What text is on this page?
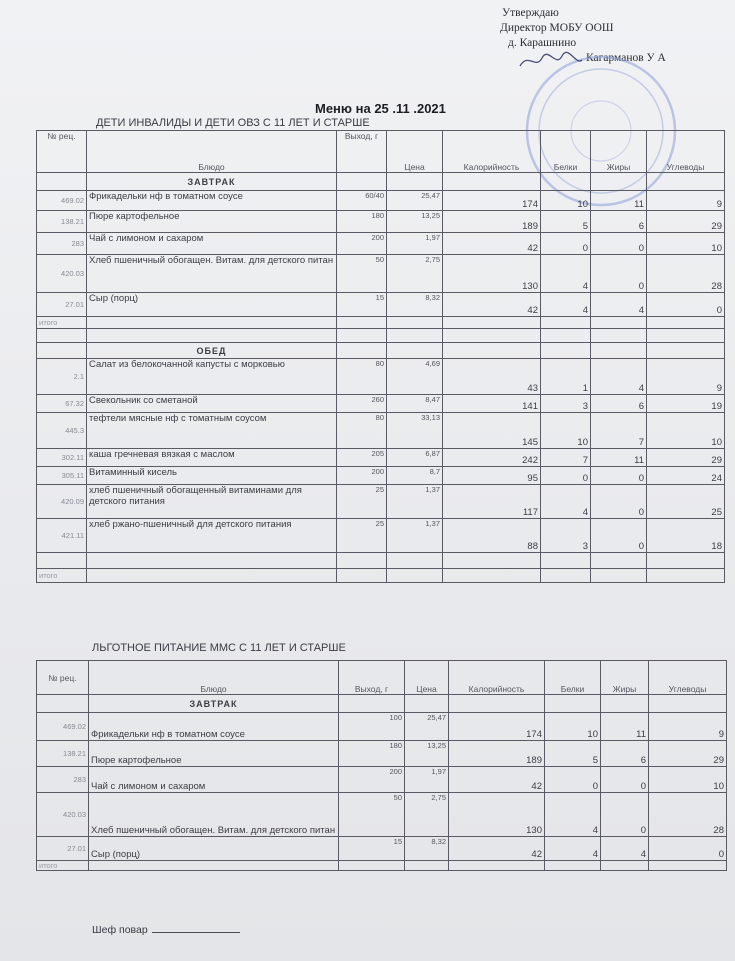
Утверждаю
Директор МОБУ ООШ
д. Карашнино
Кагарманов У А
Меню на 25 .11 .2021
ДЕТИ ИНВАЛИДЫ И ДЕТИ ОВЗ С 11 ЛЕТ И СТАРШЕ
№ рец.	Блюдо	Выход, г	Цена	Калорийность	Белки	Жиры	Углеводы
	ЗАВТРАК						
469.02	Фрикадельки нф в томатном соусе	60/40	25,47	174	10	11	9
138.21	Пюре картофельное	180	13,25	189	5	6	29
283	Чай с лимоном и сахаром	200	1,97	42	0	0	10
420.03	Хлеб пшеничный обогащен. Витам. для детского питан	50	2,75	130	4	0	28
27.01	Сыр (порц)	15	8,32	42	4	4	0
итого							

	ОБЕД						
2.1	Салат из белокочанной капусты с морковью	80	4,69	43	1	4	9
67.32	Свекольник со сметаной	260	8,47	141	3	6	19
445.3	тефтели мясные нф с томатным соусом	80	33,13	145	10	7	10
302.11	каша гречневая вязкая с маслом	205	6,87	242	7	11	29
305.11	Витаминный кисель	200	8,7	95	0	0	24
420.09	хлеб пшеничный обогащенный витаминами для детского питания	25	1,37	117	4	0	25
421.11	хлеб ржано-пшеничный для детского питания	25	1,37	88	3	0	18

итого							
ЛЬГОТНОЕ ПИТАНИЕ ММС С 11 ЛЕТ И СТАРШЕ
№ рец.	Блюдо	Выход, г	Цена	Калорийность	Белки	Жиры	Углеводы
	ЗАВТРАК						
469.02	Фрикадельки нф в томатном соусе	100	25,47	174	10	11	9
138.21	Пюре картофельное	180	13,25	189	5	6	29
283	Чай с лимоном и сахаром	200	1,97	42	0	0	10
420.03	Хлеб пшеничный обогащен. Витам. для детского питан	50	2,75	130	4	0	28
27.01	Сыр (порц)	15	8,32	42	4	4	0
итого							
Шеф повар
